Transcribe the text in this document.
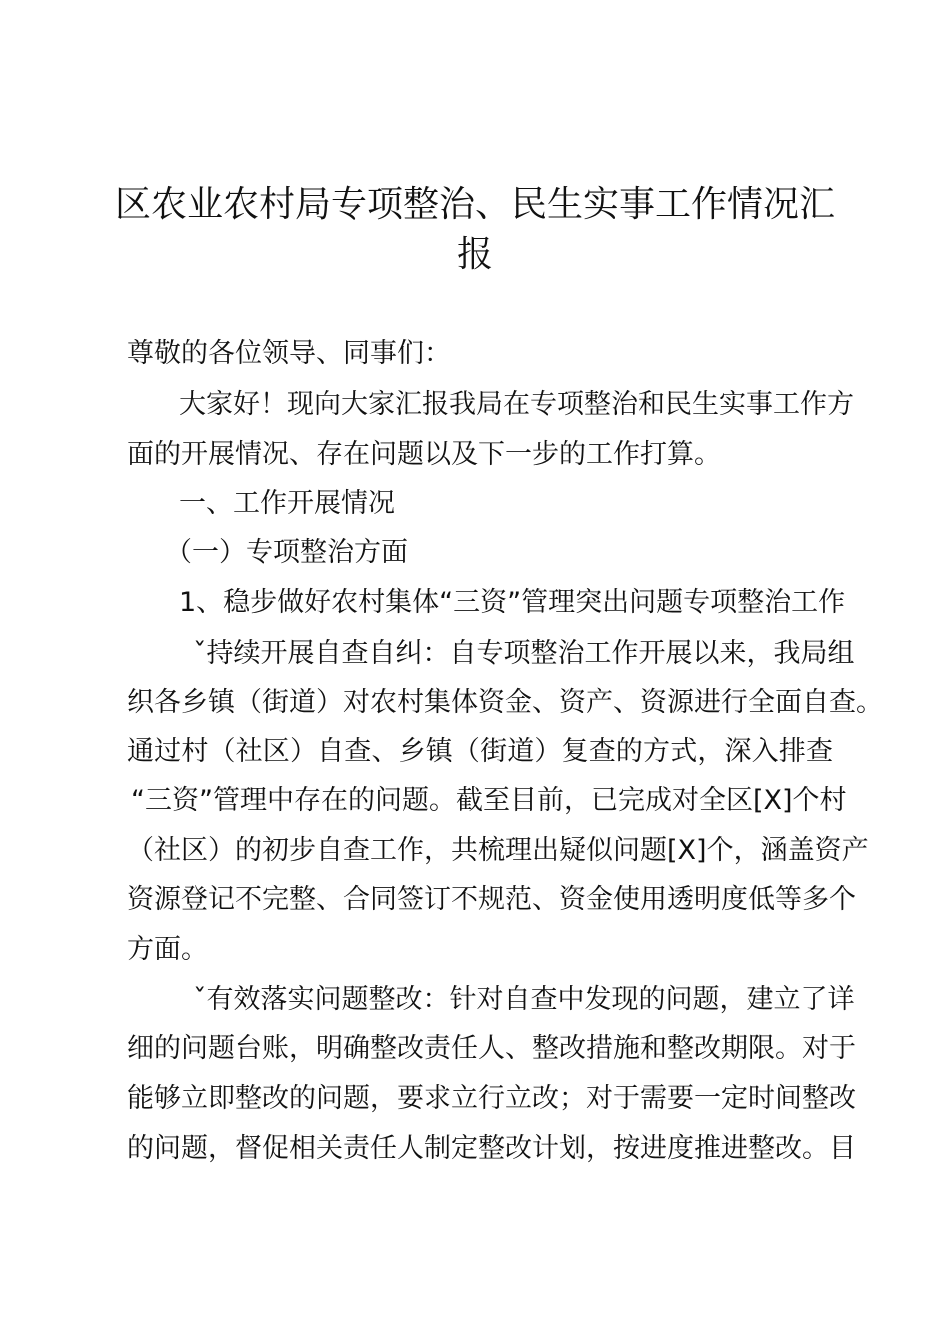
区农业农村局专项整治、民生实事工作情况汇
报
尊敬的各位领导、同事们：
大家好！现向大家汇报我局在专项整治和民生实事工作方
面的开展情况、存在问题以及下一步的工作打算。
一、工作开展情况
（一）专项整治方面
1、稳步做好农村集体“三资”管理突出问题专项整治工作
ˇ持续开展自查自纠：自专项整治工作开展以来，我局组
织各乡镇（街道）对农村集体资金、资产、资源进行全面自查。
通过村（社区）自查、乡镇（街道）复查的方式，深入排查
“三资”管理中存在的问题。截至目前，已完成对全区[X]个村
（社区）的初步自查工作，共梳理出疑似问题[X]个，涵盖资产
资源登记不完整、合同签订不规范、资金使用透明度低等多个
方面。
ˇ有效落实问题整改：针对自查中发现的问题，建立了详
细的问题台账，明确整改责任人、整改措施和整改期限。对于
能够立即整改的问题，要求立行立改；对于需要一定时间整改
的问题，督促相关责任人制定整改计划，按进度推进整改。目
